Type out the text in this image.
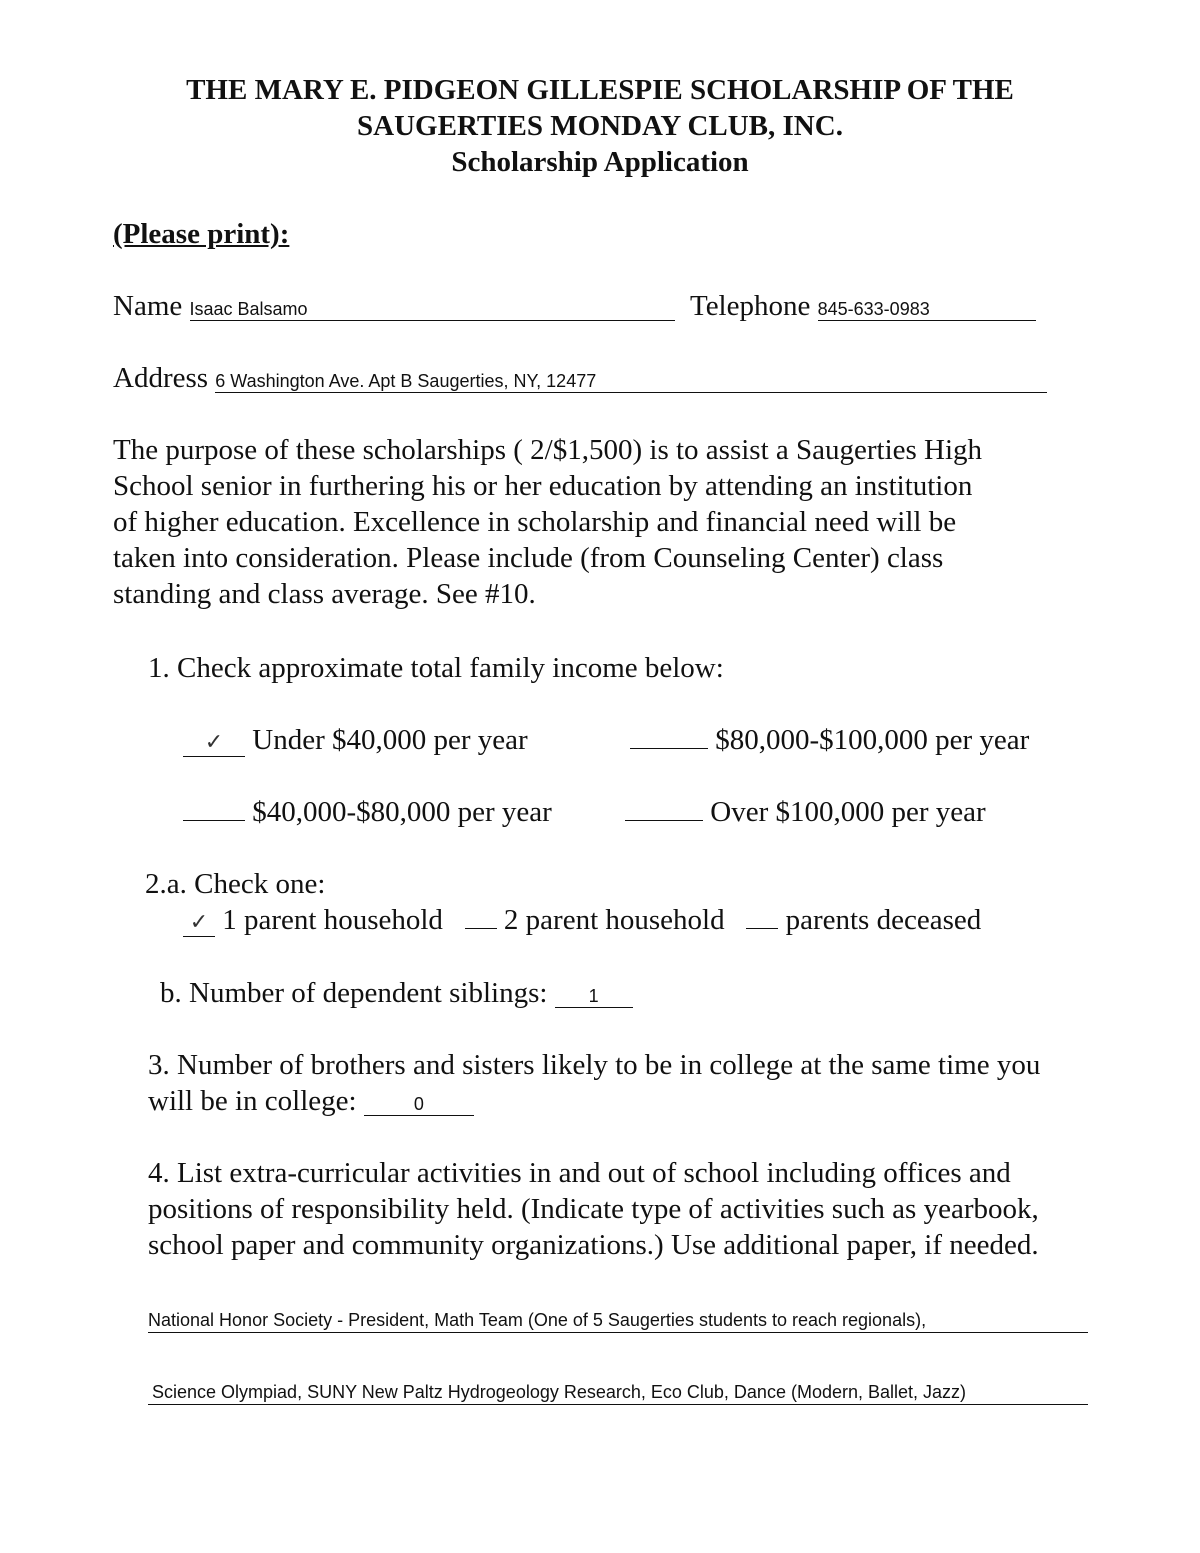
THE MARY E. PIDGEON GILLESPIE SCHOLARSHIP OF THE
SAUGERTIES MONDAY CLUB, INC.
Scholarship Application
(Please print):
Name Isaac Balsamo	Telephone 845-633-0983
Address 6 Washington Ave. Apt B Saugerties, NY, 12477
The purpose of these scholarships ( 2/$1,500) is to assist a Saugerties High
School senior in furthering his or her education by attending an institution
of higher education. Excellence in scholarship and financial need will be
taken into consideration. Please include (from Counseling Center) class
standing and class average. See #10.
1. Check approximate total family income below:
✓ Under $40,000 per year	$80,000-$100,000 per year
$40,000-$80,000 per year	Over $100,000 per year
2.a. Check one:
✓ 1 parent household 2 parent household parents deceased
b. Number of dependent siblings: 1
3. Number of brothers and sisters likely to be in college at the same time you
will be in college:	0
4. List extra-curricular activities in and out of school including offices and
positions of responsibility held. (Indicate type of activities such as yearbook,
school paper and community organizations.) Use additional paper, if needed.
National Honor Society - President, Math Team (One of 5 Saugerties students to reach regionals),
Science Olympiad, SUNY New Paltz Hydrogeology Research, Eco Club, Dance (Modern, Ballet, Jazz)
